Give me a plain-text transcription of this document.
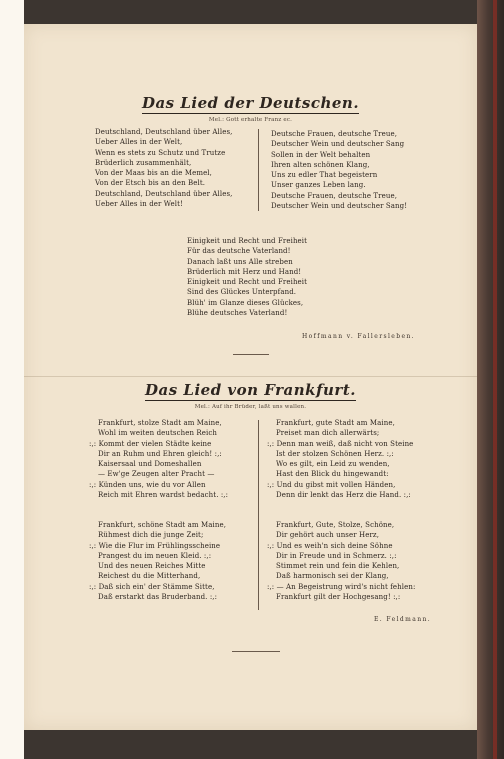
Das Lied der Deutschen.
Mel.: Gott erhalte Franz ec.
Deutschland, Deutschland über Alles,
Ueber Alles in der Welt,
Wenn es stets zu Schutz und Trutze
Brüderlich zusammenhält,
Von der Maas bis an die Memel,
Von der Etsch bis an den Belt.
Deutschland, Deutschland über Alles,
Ueber Alles in der Welt!
Deutsche Frauen, deutsche Treue,
Deutscher Wein und deutscher Sang
Sollen in der Welt behalten
Ihren alten schönen Klang,
Uns zu edler That begeistern
Unser ganzes Leben lang.
Deutsche Frauen, deutsche Treue,
Deutscher Wein und deutscher Sang!
Einigkeit und Recht und Freiheit
Für das deutsche Vaterland!
Danach laßt uns Alle streben
Brüderlich mit Herz und Hand!
Einigkeit und Recht und Freiheit
Sind des Glückes Unterpfand.
Blüh' im Glanze dieses Glückes,
Blühe deutsches Vaterland!
Hoffmann v. Fallersleben.
Das Lied von Frankfurt.
Mel.: Auf ihr Brüder, laßt uns wallen.
Frankfurt, stolze Stadt am Maine,
Wohl im weiten deutschen Reich
:,: Kommt der vielen Städte keine
Dir an Ruhm und Ehren gleich! :,:
Kaisersaal und Domeshallen
— Ew'ge Zeugen alter Pracht —
:,: Künden uns, wie du vor Allen
Reich mit Ehren wardst bedacht. :,:
Frankfurt, gute Stadt am Maine,
Preiset man dich allerwärts;
:,: Denn man weiß, daß nicht von Steine
Ist der stolzen Schönen Herz. :,:
Wo es gilt, ein Leid zu wenden,
Hast den Blick du hingewandt:
:,: Und du gibst mit vollen Händen,
Denn dir lenkt das Herz die Hand. :,:
Frankfurt, schöne Stadt am Maine,
Rühmest dich die junge Zeit;
:,: Wie die Flur im Frühlingsscheine
Prangest du im neuen Kleid. :,:
Und des neuen Reiches Mitte
Reichest du die Mitterhand,
:,: Daß sich ein' der Stämme Sitte,
Daß erstarkt das Bruderband. :,:
Frankfurt, Gute, Stolze, Schöne,
Dir gehört auch unser Herz,
:,: Und es weih'n sich deine Söhne
Dir in Freude und in Schmerz. :,:
Stimmet rein und fein die Kehlen,
Daß harmonisch sei der Klang,
:,: — An Begeistrung wird's nicht fehlen:
Frankfurt gilt der Hochgesang! :,:
E. Feldmann.
